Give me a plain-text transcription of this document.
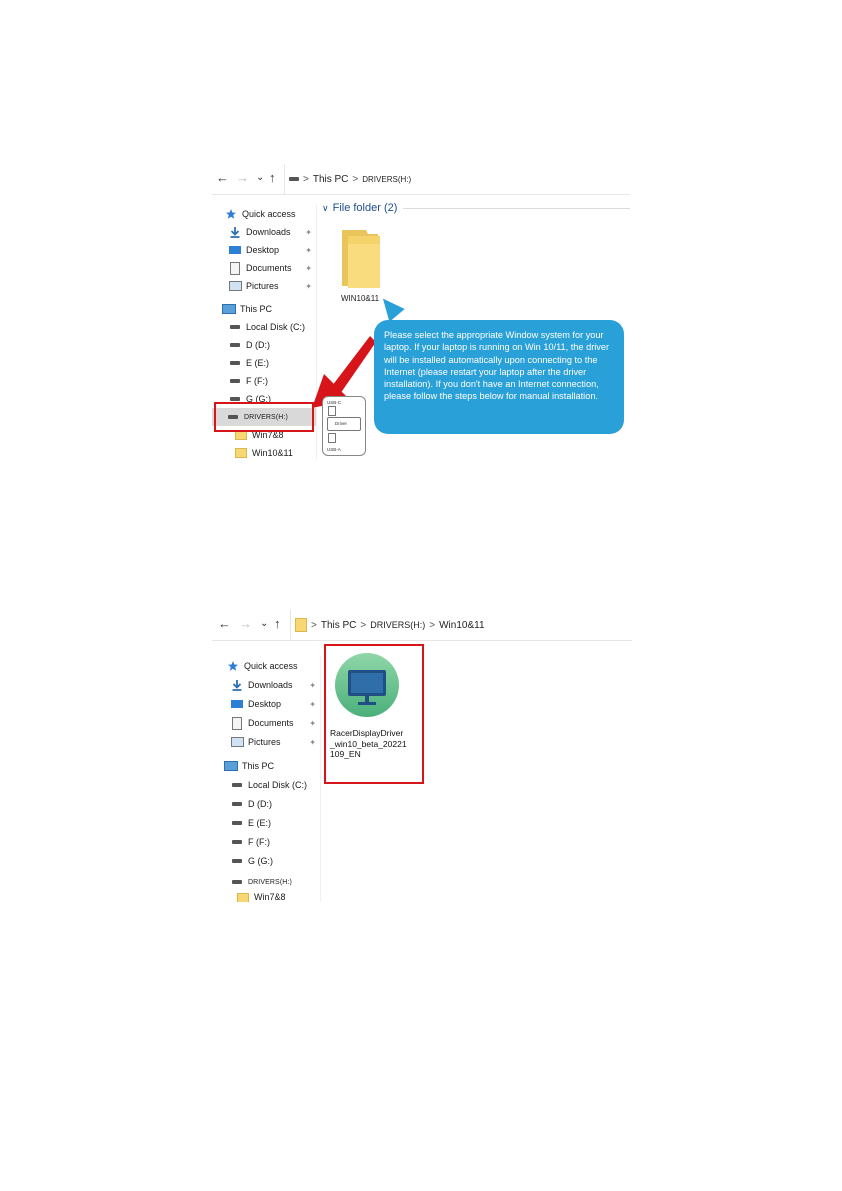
← → ⌄ ↑	> This PC > DRIVERS(H:)
Quick access
Downloads ✦
Desktop	✦
Documents ✦
Pictures	✦
This PC
Local Disk (C:)
D (D:)
E (E:)
F (F:)
G (G:)
DRIVERS(H:)
Win7&8
Win10&11
∨ File folder (2)
WIN10&11
USB-C
Driver
USB-A
Please select the appropriate Window system for your laptop. If your laptop is running on Win 10/11, the driver will be installed automatically upon connecting to the Internet (please restart your laptop after the driver installation). If you don't have an Internet connection, please follow the steps below for manual installation.
← → ⌄ ↑	> This PC > DRIVERS(H:) > Win10&11
Quick access
Downloads ✦
Desktop	✦
Documents ✦
Pictures	✦
This PC
Local Disk (C:)
D (D:)
E (E:)
F (F:)
G (G:)
DRIVERS(H:)
Win7&8
RacerDisplayDriver
_win10_beta_20221
109_EN
